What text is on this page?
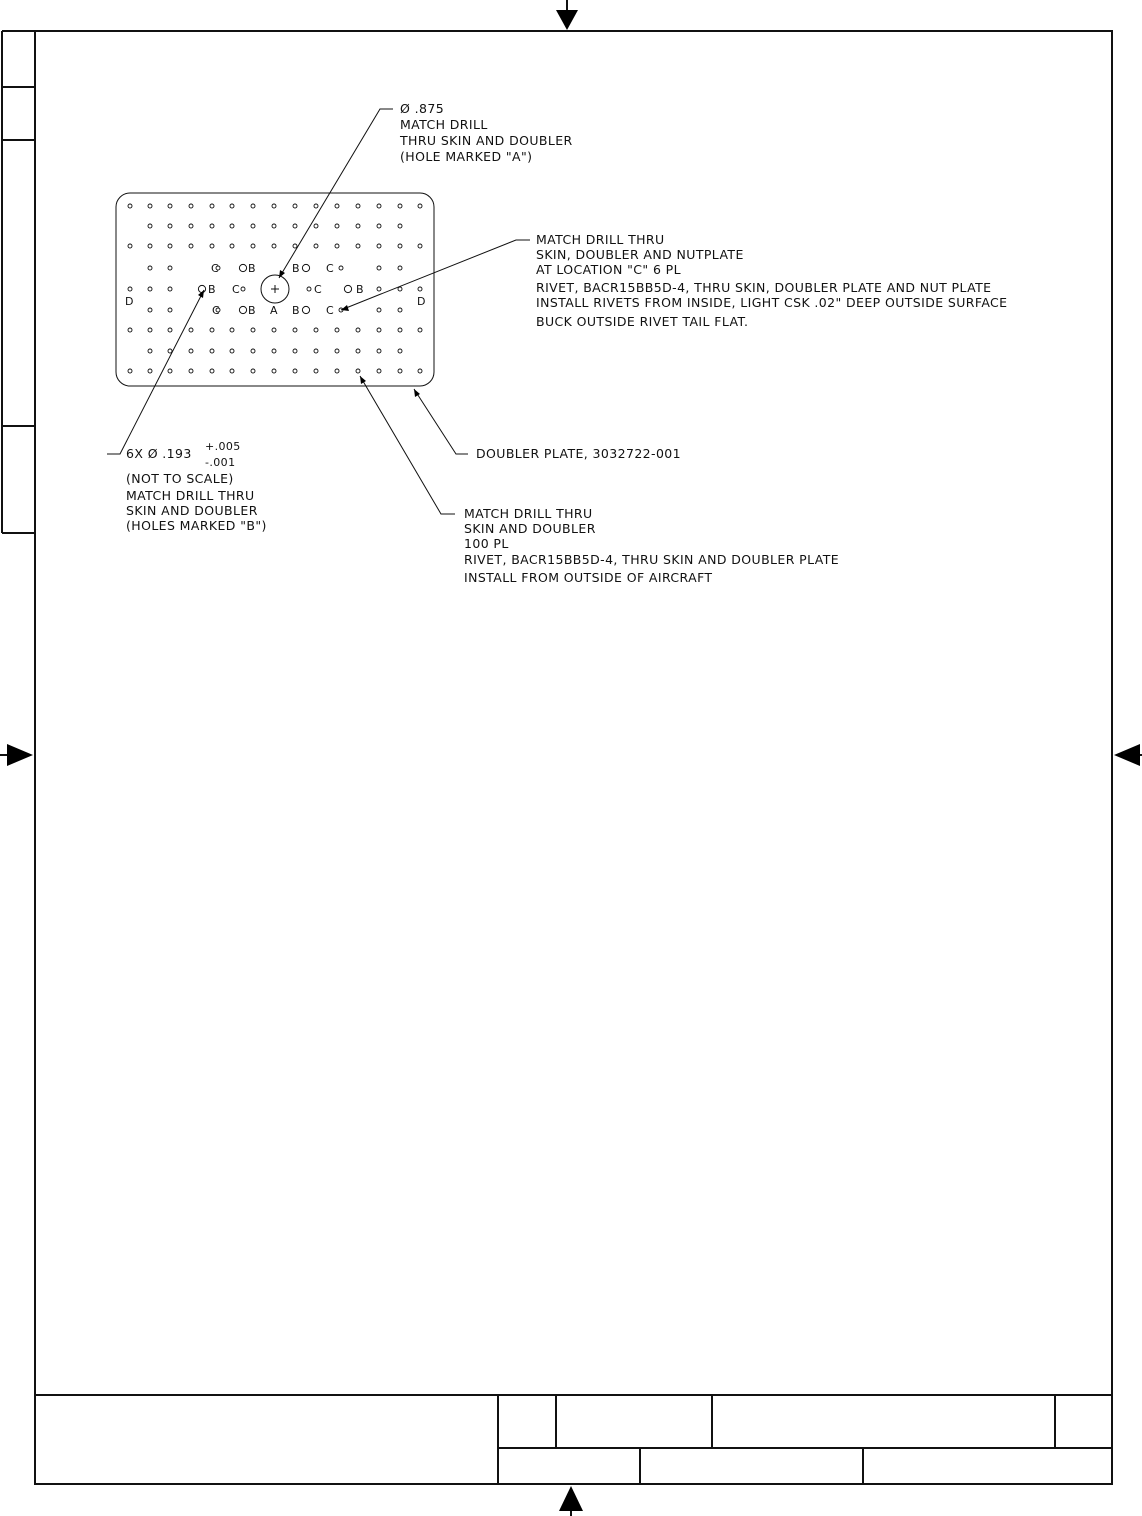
C	B	B C
B C	C	B
C	B	B C
A
D	D
Ø .875
MATCH DRILL
THRU SKIN AND DOUBLER
(HOLE MARKED "A")
MATCH DRILL THRU
SKIN, DOUBLER AND NUTPLATE
AT LOCATION "C" 6 PL
RIVET, BACR15BB5D-4, THRU SKIN, DOUBLER PLATE AND NUT PLATE
INSTALL RIVETS FROM INSIDE, LIGHT CSK .02" DEEP OUTSIDE SURFACE
BUCK OUTSIDE RIVET TAIL FLAT.
6X Ø .193 +.005
-.001
(NOT TO SCALE)
MATCH DRILL THRU
SKIN AND DOUBLER
(HOLES MARKED "B")
DOUBLER PLATE, 3032722-001
MATCH DRILL THRU
SKIN AND DOUBLER
100 PL
RIVET, BACR15BB5D-4, THRU SKIN AND DOUBLER PLATE
INSTALL FROM OUTSIDE OF AIRCRAFT
